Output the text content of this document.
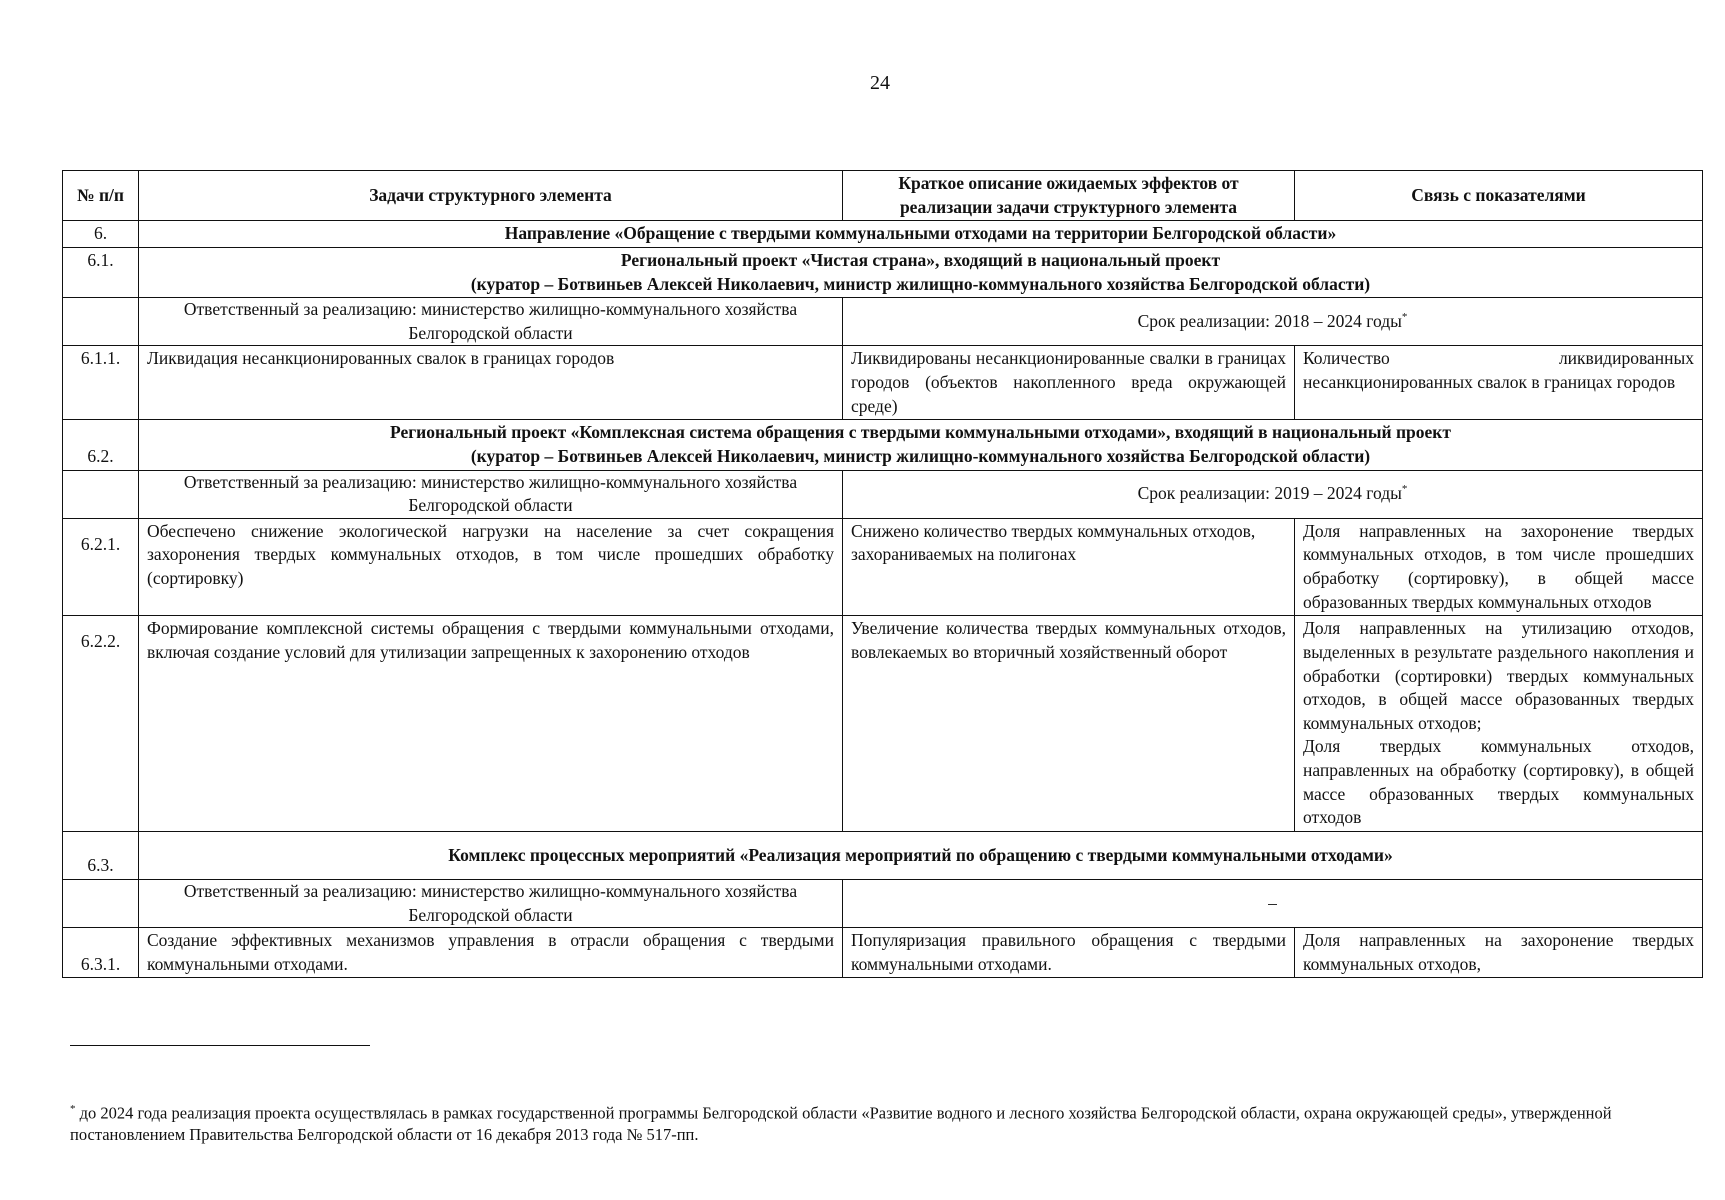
24
№ п/п	Задачи структурного элемента	Краткое описание ожидаемых эффектов от реализации задачи структурного элемента	Связь с показателями
6.	Направление «Обращение с твердыми коммунальными отходами на территории Белгородской области»		
6.1.	Региональный проект «Чистая страна», входящий в национальный проект
(куратор – Ботвиньев Алексей Николаевич, министр жилищно-коммунального хозяйства Белгородской области)		

	Ответственный за реализацию: министерство жилищно-коммунального хозяйства Белгородской области	Срок реализации: 2018 – 2024 годы*
6.1.1.	Ликвидация несанкционированных свалок в границах городов	Ликвидированы несанкционированные свалки в границах городов (объектов накопленного вреда окружающей среде)	Количество ликвидированных несанкционированных свалок в границах городов
6.2.	Региональный проект «Комплексная система обращения с твердыми коммунальными отходами», входящий в национальный проект
(куратор – Ботвиньев Алексей Николаевич, министр жилищно-коммунального хозяйства Белгородской области)		

	Ответственный за реализацию: министерство жилищно-коммунального хозяйства Белгородской области	Срок реализации: 2019 – 2024 годы*
6.2.1.	Обеспечено снижение экологической нагрузки на население за счет сокращения захоронения твердых коммунальных отходов, в том числе прошедших обработку (сортировку)	Снижено количество твердых коммунальных отходов, захораниваемых на полигонах	Доля направленных на захоронение твердых коммунальных отходов, в том числе прошедших обработку (сортировку), в общей массе образованных твердых коммунальных отходов
6.2.2.	Формирование комплексной системы обращения с твердыми коммунальными отходами, включая создание условий для утилизации запрещенных к захоронению отходов	Увеличение количества твердых коммунальных отходов, вовлекаемых во вторичный хозяйственный оборот	Доля направленных на утилизацию отходов, выделенных в результате раздельного накопления и обработки (сортировки) твердых коммунальных отходов, в общей массе образованных твердых коммунальных отходов;
Доля твердых коммунальных отходов, направленных на обработку (сортировку), в общей массе образованных твердых коммунальных отходов

6.3.	Комплекс процессных мероприятий «Реализация мероприятий по обращению с твердыми коммунальными отходами»		
	Ответственный за реализацию: министерство жилищно-коммунального хозяйства Белгородской области	–	
6.3.1.	Создание эффективных механизмов управления в отрасли обращения с твердыми коммунальными отходами.	Популяризация правильного обращения с твердыми коммунальными отходами.	Доля направленных на захоронение твердых коммунальных отходов,
* до 2024 года реализация проекта осуществлялась в рамках государственной программы Белгородской области «Развитие водного и лесного хозяйства Белгородской области, охрана окружающей среды», утвержденной постановлением Правительства Белгородской области от 16 декабря 2013 года № 517-пп.
